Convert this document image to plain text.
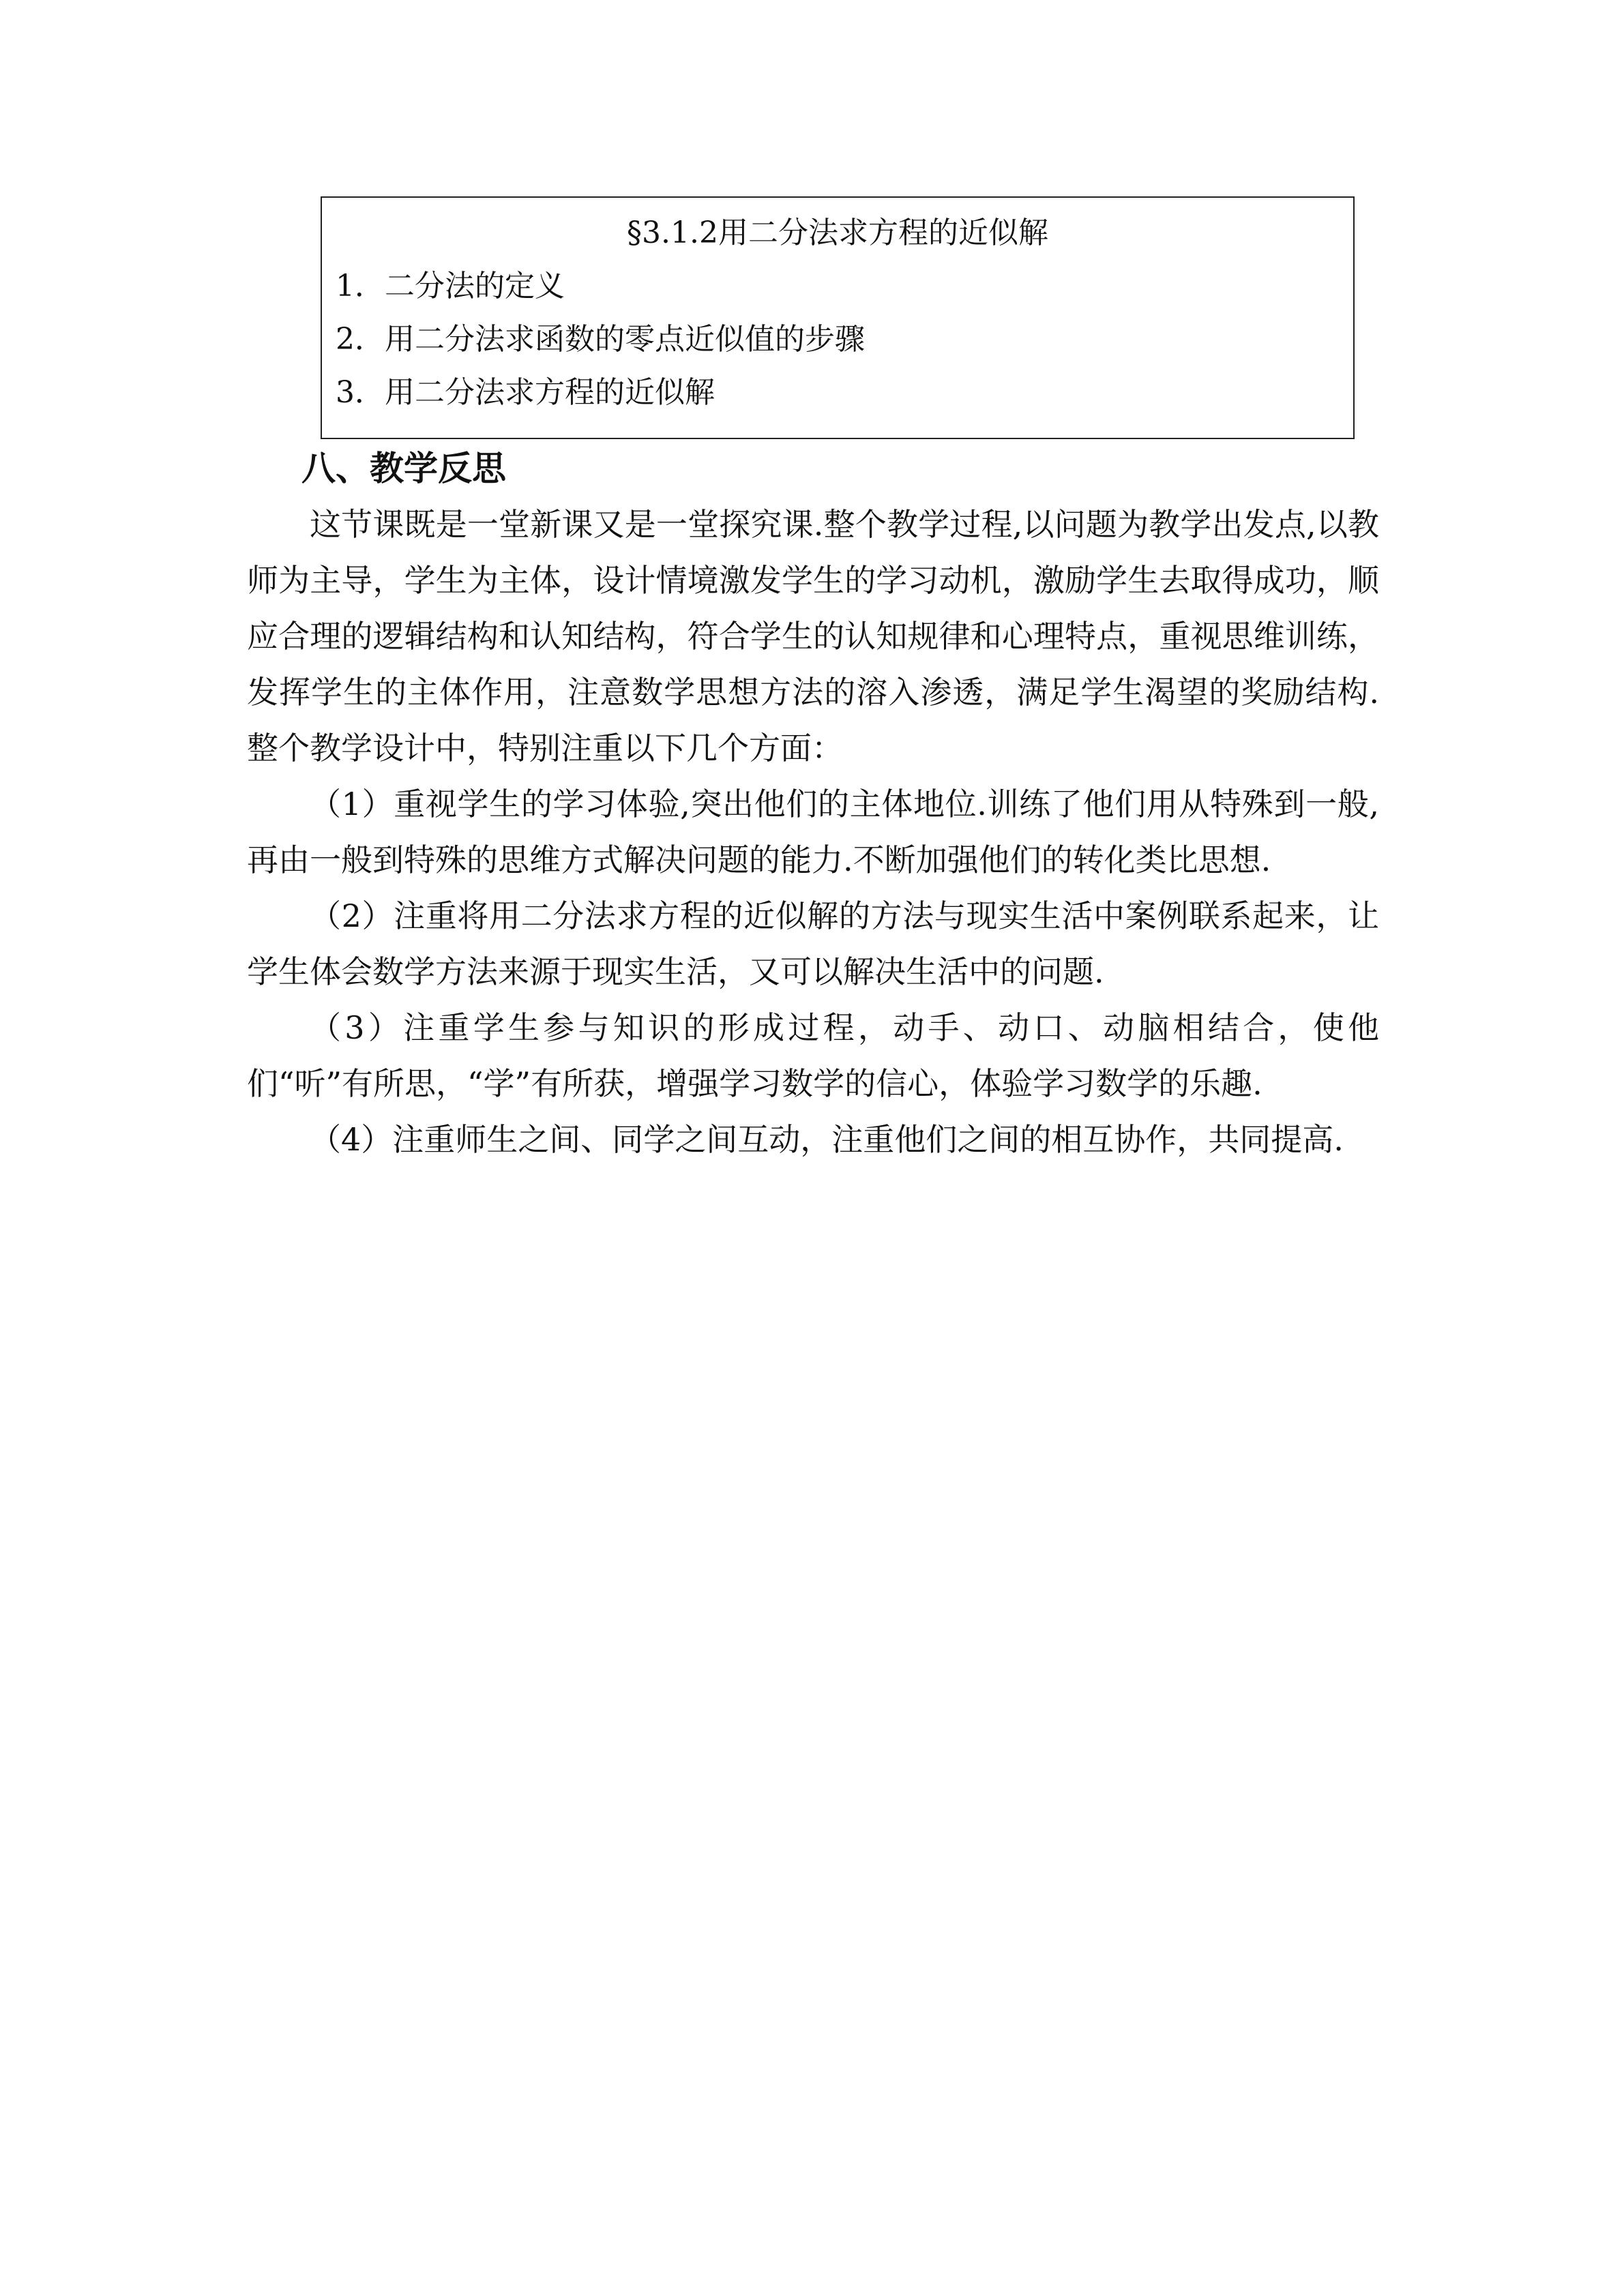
§3.1.2用二分法求方程的近似解
1．二分法的定义
2．用二分法求函数的零点近似值的步骤
3．用二分法求方程的近似解
八、教学反思

这节课既是一堂新课又是一堂探究课.整个教学过程,以问题为教学出发点,以教师为主导，学生为主体，设计情境激发学生的学习动机，激励学生去取得成功，顺应合理的逻辑结构和认知结构，符合学生的认知规律和心理特点，重视思维训练，发挥学生的主体作用，注意数学思想方法的溶入渗透，满足学生渴望的奖励结构.整个教学设计中，特别注重以下几个方面：

（1）重视学生的学习体验,突出他们的主体地位.训练了他们用从特殊到一般,再由一般到特殊的思维方式解决问题的能力.不断加强他们的转化类比思想.

（2）注重将用二分法求方程的近似解的方法与现实生活中案例联系起来，让学生体会数学方法来源于现实生活，又可以解决生活中的问题.

（3）注重学生参与知识的形成过程，动手、动口、动脑相结合，使他们“听”有所思，“学”有所获，增强学习数学的信心，体验学习数学的乐趣.

（4）注重师生之间、同学之间互动，注重他们之间的相互协作，共同提高.
